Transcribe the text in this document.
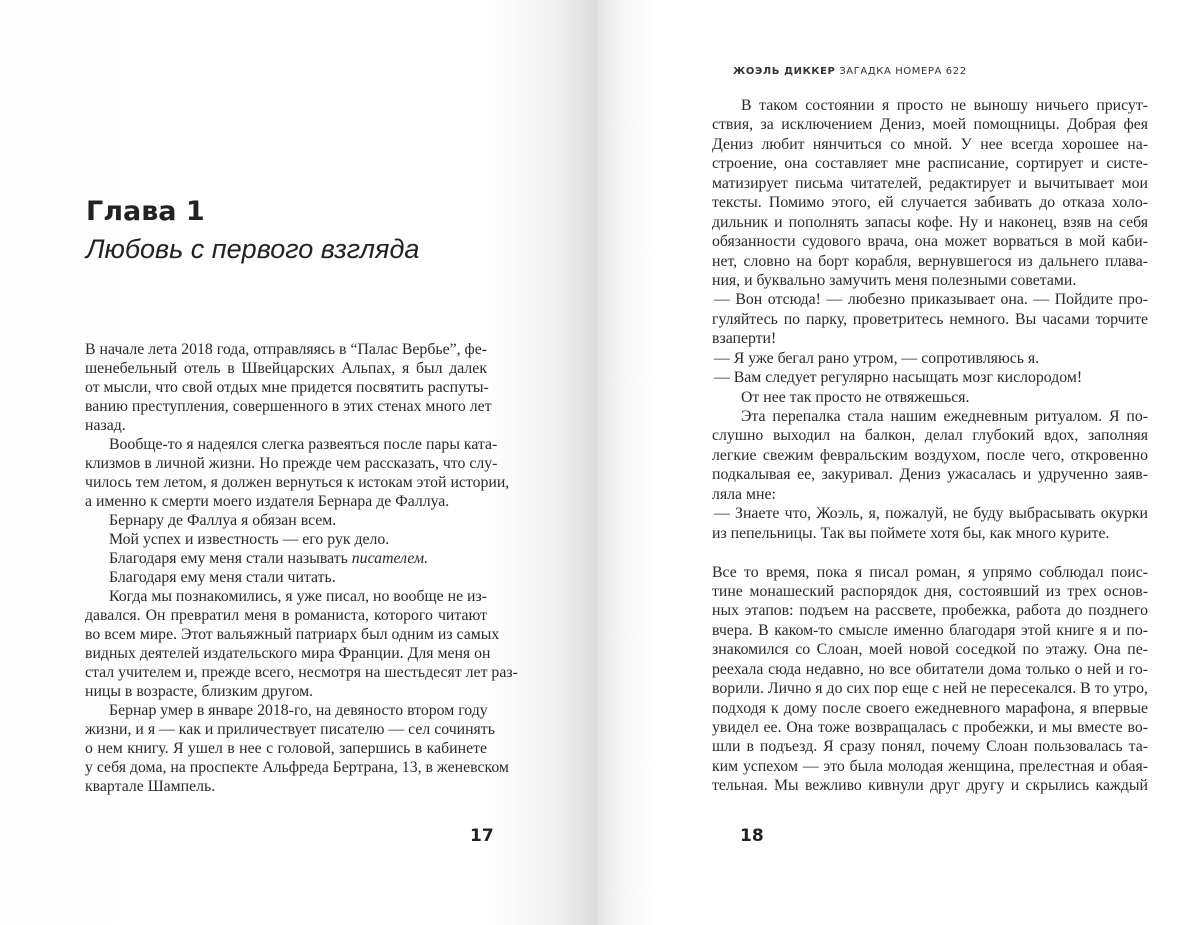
Глава 1
Любовь с первого взгляда
В начале лета 2018 года, отправляясь в “Палас Вербье”, фе-
шенебельный отель в Швейцарских Альпах, я был далек
от мысли, что свой отдых мне придется посвятить распуты-
ванию преступления, совершенного в этих стенах много лет
назад.
Вообще-то я надеялся слегка развеяться после пары ката-
клизмов в личной жизни. Но прежде чем рассказать, что слу-
чилось тем летом, я должен вернуться к истокам этой истории,
а именно к смерти моего издателя Бернара де Фаллуа.
Бернару де Фаллуа я обязан всем.
Мой успех и известность — его рук дело.
Благодаря ему меня стали называть писателем.
Благодаря ему меня стали читать.
Когда мы познакомились, я уже писал, но вообще не из-
давался. Он превратил меня в романиста, которого читают
во всем мире. Этот вальяжный патриарх был одним из самых
видных деятелей издательского мира Франции. Для меня он
стал учителем и, прежде всего, несмотря на шестьдесят лет раз-
ницы в возрасте, близким другом.
Бернар умер в январе 2018-го, на девяносто втором году
жизни, и я — как и приличествует писателю — сел сочинять
о нем книгу. Я ушел в нее с головой, запершись в кабинете
у себя дома, на проспекте Альфреда Бертрана, 13, в женевском
квартале Шампель.
17
ЖОЭЛЬ ДИККЕР ЗАГАДКА НОМЕРА 622
В таком состоянии я просто не выношу ничьего присут-
ствия, за исключением Дениз, моей помощницы. Добрая фея
Дениз любит нянчиться со мной. У нее всегда хорошее на-
строение, она составляет мне расписание, сортирует и систе-
матизирует письма читателей, редактирует и вычитывает мои
тексты. Помимо этого, ей случается забивать до отказа холо-
дильник и пополнять запасы кофе. Ну и наконец, взяв на себя
обязанности судового врача, она может ворваться в мой каби-
нет, словно на борт корабля, вернувшегося из дальнего плава-
ния, и буквально замучить меня полезными советами.
— Вон отсюда! — любезно приказывает она. — Пойдите про-
гуляйтесь по парку, проветритесь немного. Вы часами торчите
взаперти!
— Я уже бегал рано утром, — сопротивляюсь я.
— Вам следует регулярно насыщать мозг кислородом!
От нее так просто не отвяжешься.
Эта перепалка стала нашим ежедневным ритуалом. Я по-
слушно выходил на балкон, делал глубокий вдох, заполняя
легкие свежим февральским воздухом, после чего, откровенно
подкалывая ее, закуривал. Дениз ужасалась и удрученно заяв-
ляла мне:
— Знаете что, Жоэль, я, пожалуй, не буду выбрасывать окурки
из пепельницы. Так вы поймете хотя бы, как много курите.
Все то время, пока я писал роман, я упрямо соблюдал поис-
тине монашеский распорядок дня, состоявший из трех основ-
ных этапов: подъем на рассвете, пробежка, работа до позднего
вчера. В каком-то смысле именно благодаря этой книге я и по-
знакомился со Слоан, моей новой соседкой по этажу. Она пе-
реехала сюда недавно, но все обитатели дома только о ней и го-
ворили. Лично я до сих пор еще с ней не пересекался. В то утро,
подходя к дому после своего ежедневного марафона, я впервые
увидел ее. Она тоже возвращалась с пробежки, и мы вместе во-
шли в подъезд. Я сразу понял, почему Слоан пользовалась та-
ким успехом — это была молодая женщина, прелестная и обая-
тельная. Мы вежливо кивнули друг другу и скрылись каждый
18
